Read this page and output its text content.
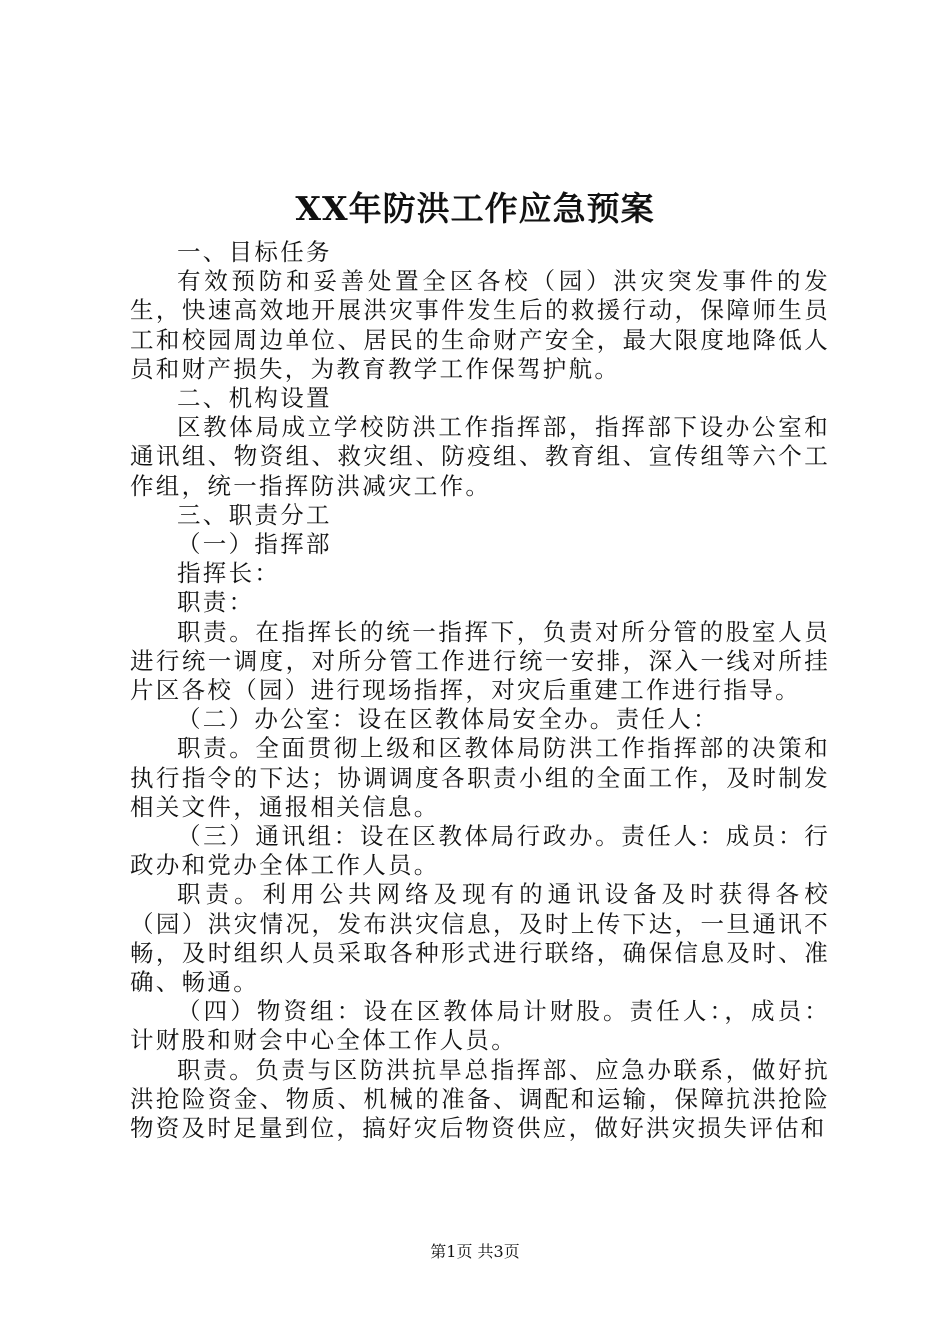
XX年防洪工作应急预案

一、目标任务

有效预防和妥善处置全区各校（园）洪灾突发事件的发生，快速高效地开展洪灾事件发生后的救援行动，保障师生员工和校园周边单位、居民的生命财产安全，最大限度地降低人员和财产损失，为教育教学工作保驾护航。

二、机构设置

区教体局成立学校防洪工作指挥部，指挥部下设办公室和通讯组、物资组、救灾组、防疫组、教育组、宣传组等六个工作组，统一指挥防洪减灾工作。

三、职责分工

（一）指挥部

指挥长：

职责：

职责。在指挥长的统一指挥下，负责对所分管的股室人员进行统一调度，对所分管工作进行统一安排，深入一线对所挂片区各校（园）进行现场指挥，对灾后重建工作进行指导。

（二）办公室：设在区教体局安全办。责任人：

职责。全面贯彻上级和区教体局防洪工作指挥部的决策和执行指令的下达；协调调度各职责小组的全面工作，及时制发相关文件，通报相关信息。

（三）通讯组：设在区教体局行政办。责任人：成员：行政办和党办全体工作人员。

职责。利用公共网络及现有的通讯设备及时获得各校（园）洪灾情况，发布洪灾信息，及时上传下达，一旦通讯不畅，及时组织人员采取各种形式进行联络，确保信息及时、准确、畅通。

（四）物资组：设在区教体局计财股。责任人：，成员：计财股和财会中心全体工作人员。

职责。负责与区防洪抗旱总指挥部、应急办联系，做好抗洪抢险资金、物质、机械的准备、调配和运输，保障抗洪抢险物资及时足量到位，搞好灾后物资供应，做好洪灾损失评估和

第1页 共3页
